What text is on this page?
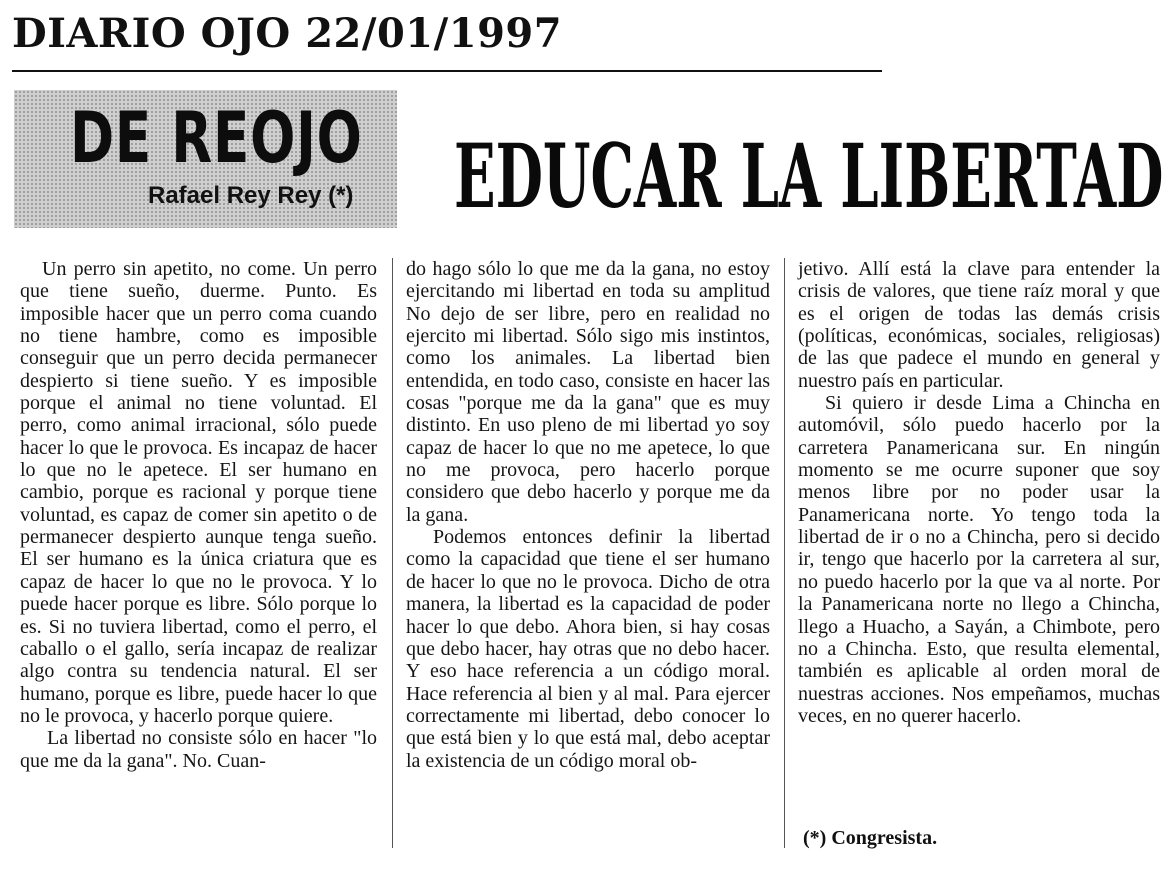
DIARIO OJO 22/01/1997
DE REOJO
Rafael Rey Rey (*) EDUCAR LA LIBERTAD

Un perro sin apetito, no come. Un perro que tiene sueño, duerme. Punto. Es imposible hacer que un perro coma cuando no tiene hambre, como es imposible conseguir que un perro decida permanecer despierto si tiene sueño. Y es imposible porque el animal no tiene voluntad. El perro, como animal irracional, sólo puede hacer lo que le provoca. Es incapaz de hacer lo que no le apetece. El ser humano en cambio, porque es racional y porque tiene voluntad, es capaz de comer sin apetito o de permanecer despierto aunque tenga sueño. El ser humano es la única criatura que es capaz de hacer lo que no le provoca. Y lo puede hacer porque es libre. Sólo porque lo es. Si no tuviera libertad, como el perro, el caballo o el gallo, sería incapaz de realizar algo contra su tendencia natural. El ser humano, porque es libre, puede hacer lo que no le provoca, y hacerlo porque quiere.

La libertad no consiste sólo en hacer "lo que me da la gana". No. Cuan-

do hago sólo lo que me da la gana, no estoy ejercitando mi libertad en toda su amplitud No dejo de ser libre, pero en realidad no ejercito mi libertad. Sólo sigo mis instintos, como los animales. La libertad bien entendida, en todo caso, consiste en hacer las cosas "porque me da la gana" que es muy distinto. En uso pleno de mi libertad yo soy capaz de hacer lo que no me apetece, lo que no me provoca, pero hacerlo porque considero que debo hacerlo y porque me da la gana.

Podemos entonces definir la libertad como la capacidad que tiene el ser humano de hacer lo que no le provoca. Dicho de otra manera, la libertad es la capacidad de poder hacer lo que debo. Ahora bien, si hay cosas que debo hacer, hay otras que no debo hacer. Y eso hace referencia a un código moral. Hace referencia al bien y al mal. Para ejercer correctamente mi libertad, debo conocer lo que está bien y lo que está mal, debo aceptar la existencia de un código moral ob-

jetivo. Allí está la clave para entender la crisis de valores, que tiene raíz moral y que es el origen de todas las demás crisis (políticas, económicas, sociales, religiosas) de las que padece el mundo en general y nuestro país en particular.

Si quiero ir desde Lima a Chincha en automóvil, sólo puedo hacerlo por la carretera Panamericana sur. En ningún momento se me ocurre suponer que soy menos libre por no poder usar la Panamericana norte. Yo tengo toda la libertad de ir o no a Chincha, pero si decido ir, tengo que hacerlo por la carretera al sur, no puedo hacerlo por la que va al norte. Por la Panamericana norte no llego a Chincha, llego a Huacho, a Sayán, a Chimbote, pero no a Chincha. Esto, que resulta elemental, también es aplicable al orden moral de nuestras acciones. Nos empeñamos, muchas veces, en no querer hacerlo.

(*) Congresista.
